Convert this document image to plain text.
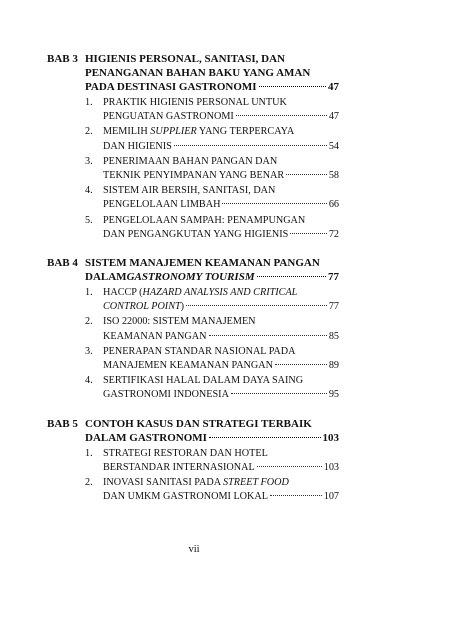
BAB 3 HIGIENIS PERSONAL, SANITASI, DAN
PENANGANAN BAHAN BAKU YANG AMAN
PADA DESTINASI GASTRONOMI	47
1. PRAKTIK HIGIENIS PERSONAL UNTUK
PENGUATAN GASTRONOMI	47
2. MEMILIH SUPPLIER YANG TERPERCAYA
DAN HIGIENIS	54
3. PENERIMAAN BAHAN PANGAN DAN
TEKNIK PENYIMPANAN YANG BENAR	58
4. SISTEM AIR BERSIH, SANITASI, DAN
PENGELOLAAN LIMBAH	66
5. PENGELOLAAN SAMPAH: PENAMPUNGAN
DAN PENGANGKUTAN YANG HIGIENIS	72
BAB 4 SISTEM MANAJEMEN KEAMANAN PANGAN
DALAM GASTRONOMY TOURISM	77
1. HACCP (HAZARD ANALYSIS AND CRITICAL
CONTROL POINT )	77
2. ISO 22000: SISTEM MANAJEMEN
KEAMANAN PANGAN	85
3. PENERAPAN STANDAR NASIONAL PADA
MANAJEMEN KEAMANAN PANGAN	89
4. SERTIFIKASI HALAL DALAM DAYA SAING
GASTRONOMI INDONESIA	95
BAB 5 CONTOH KASUS DAN STRATEGI TERBAIK
DALAM GASTRONOMI	103
1. STRATEGI RESTORAN DAN HOTEL
BERSTANDAR INTERNASIONAL	103
2. INOVASI SANITASI PADA STREET FOOD
DAN UMKM GASTRONOMI LOKAL	107
vii
